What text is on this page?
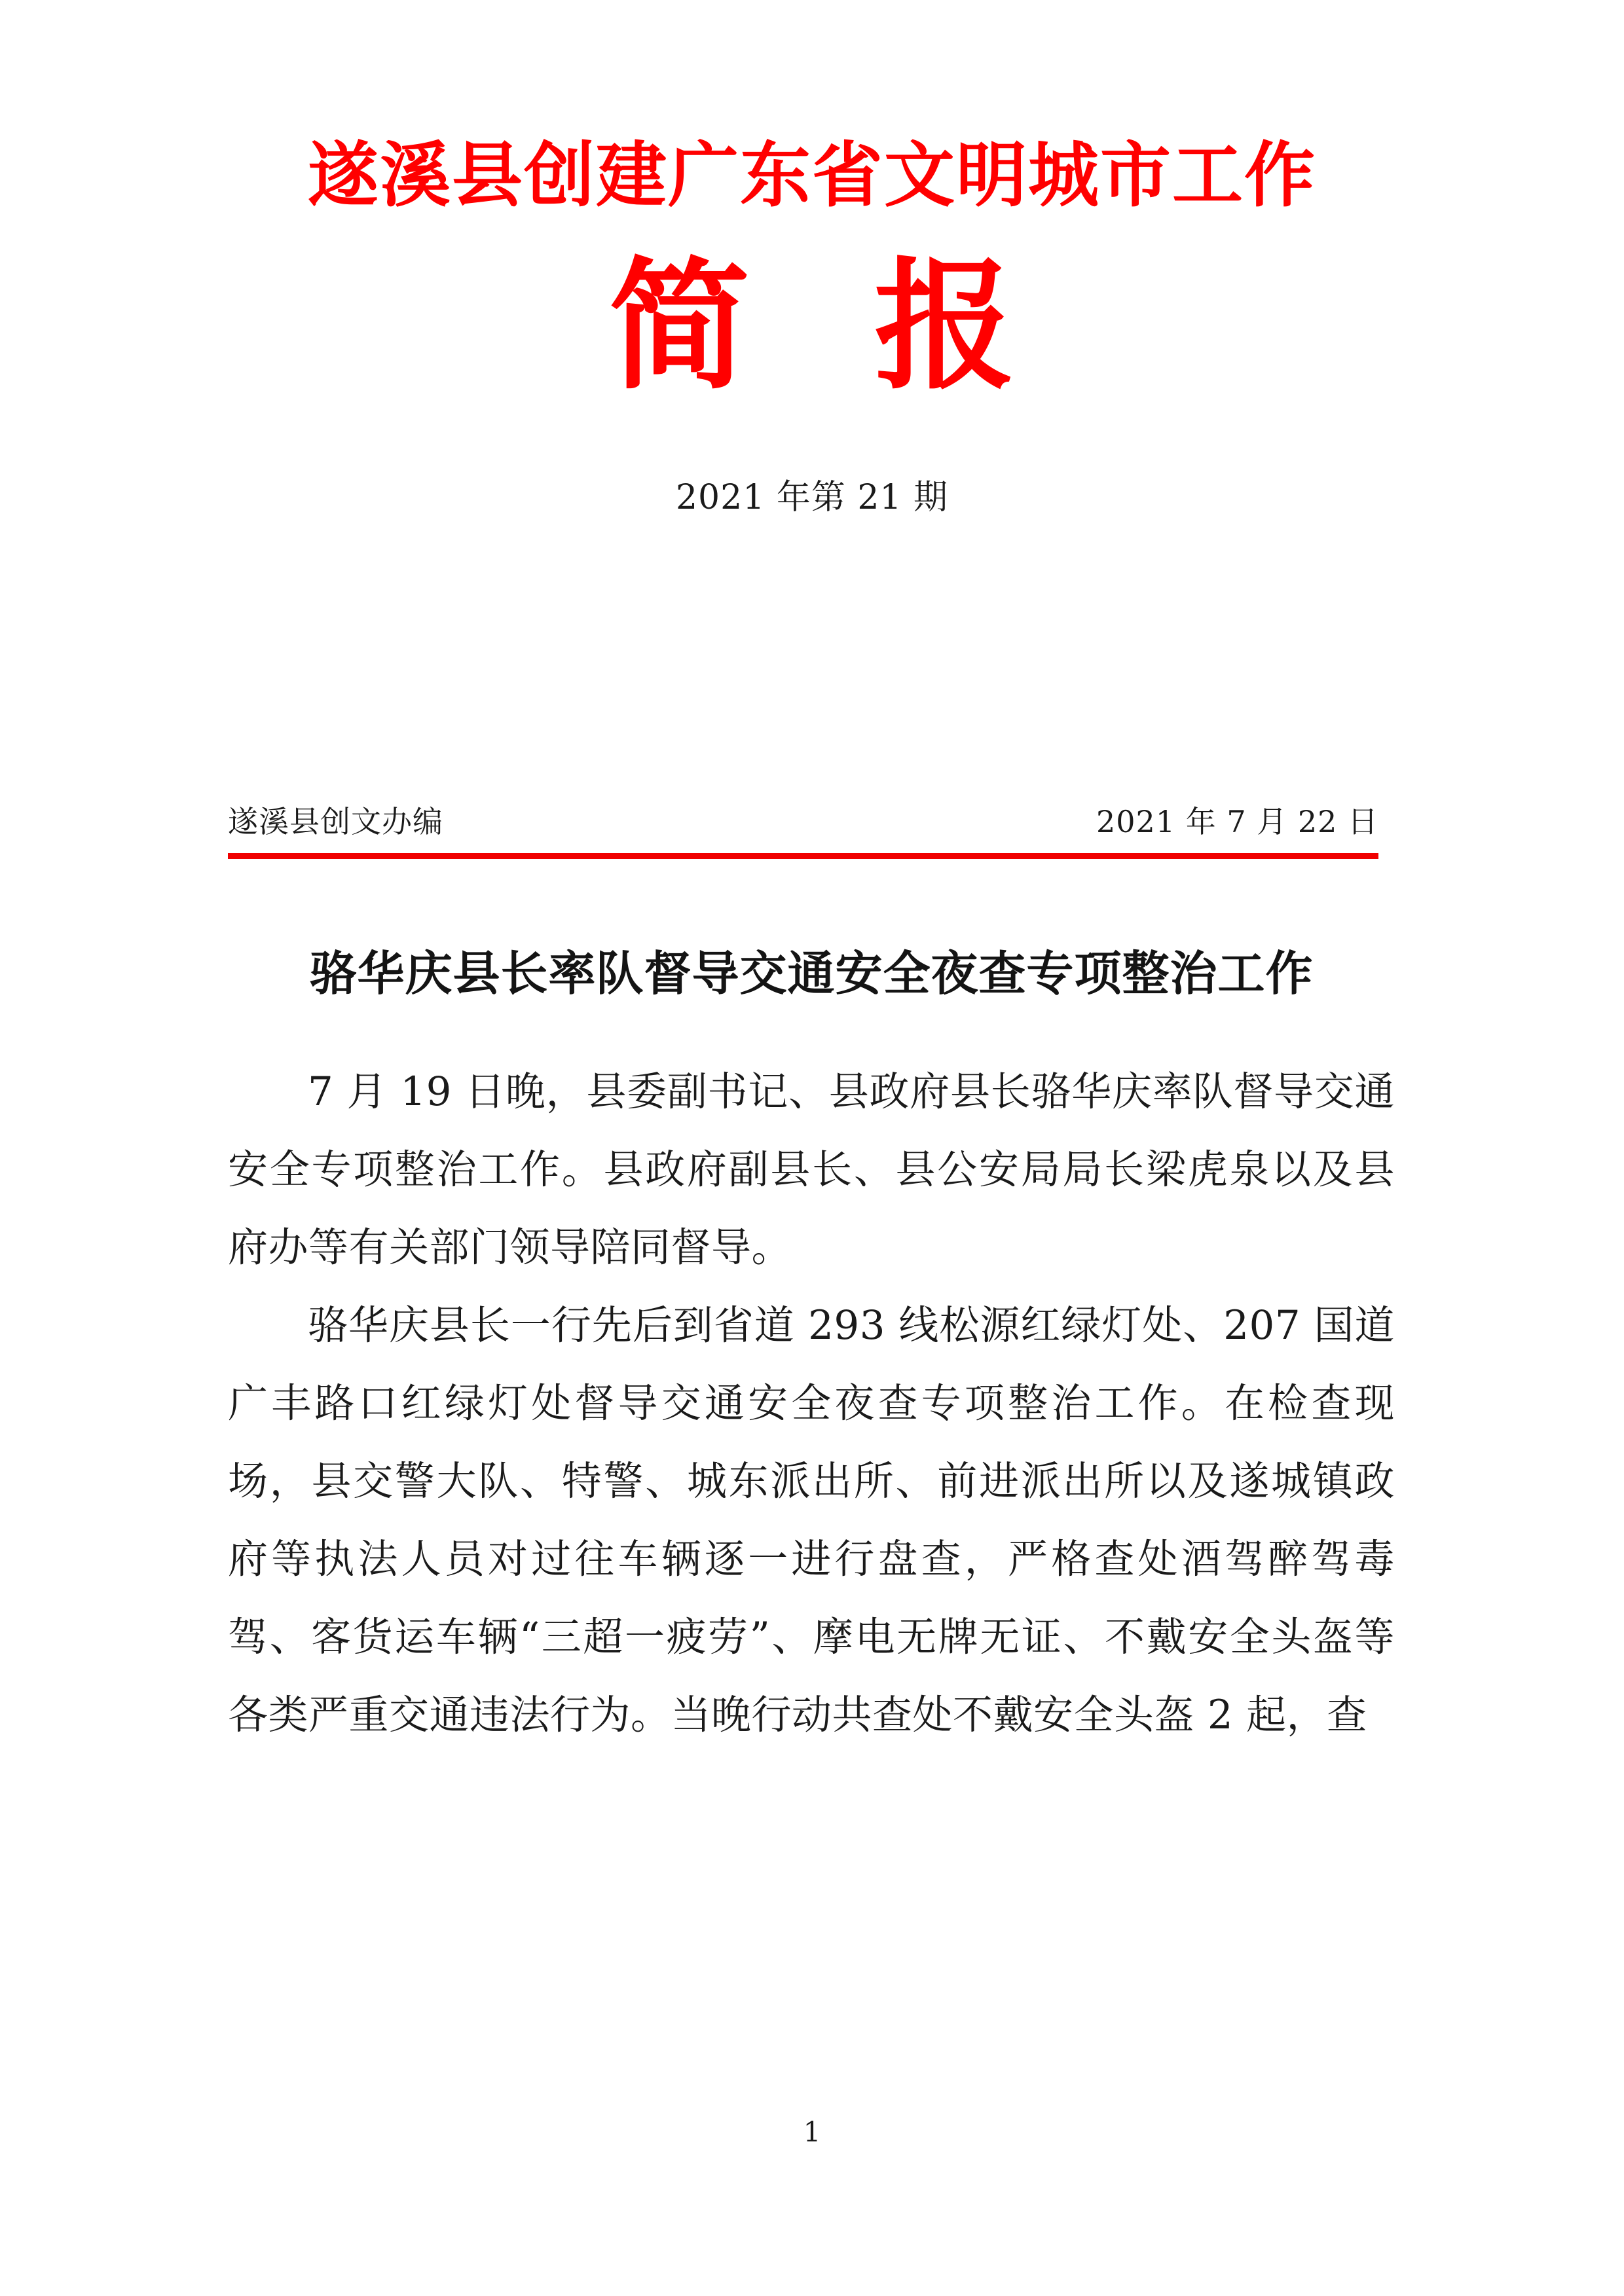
遂溪县创建广东省文明城市工作
简 报
2021 年第 21 期
遂溪县创文办编	2021 年 7 月 22 日
骆华庆县长率队督导交通安全夜查专项整治工作

7 月 19 日晚，县委副书记、县政府县长骆华庆率队督导交通安全专项整治工作。县政府副县长、县公安局局长梁虎泉以及县府办等有关部门领导陪同督导。

骆华庆县长一行先后到省道 293 线松源红绿灯处、207 国道广丰路口红绿灯处督导交通安全夜查专项整治工作。在检查现场，县交警大队、特警、城东派出所、前进派出所以及遂城镇政府等执法人员对过往车辆逐一进行盘查，严格查处酒驾醉驾毒驾、客货运车辆“三超一疲劳”、摩电无牌无证、不戴安全头盔等各类严重交通违法行为。当晚行动共查处不戴安全头盔 2 起，查

1
